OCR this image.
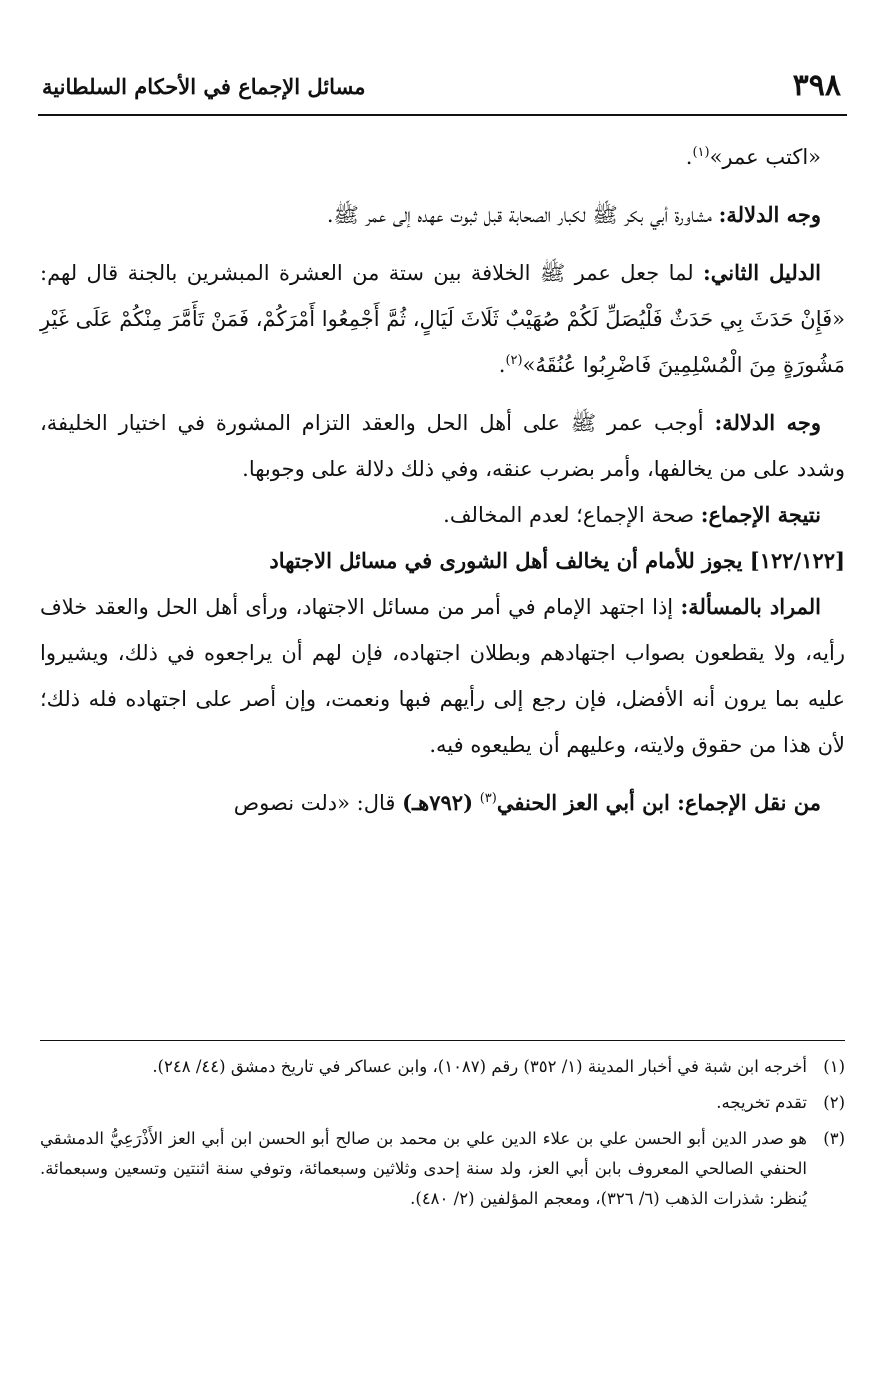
٣٩٨
مسائل الإجماع في الأحكام السلطانية

«اكتب عمر»$^{(١)}$.

وجه الدلالة: مشاورة أبي بكر ﷺ لكبار الصحابة قبل ثبوت عهده إلى عمر ﷺ.

الدليل الثاني: لما جعل عمر ﷺ الخلافة بين ستة من العشرة المبشرين بالجنة قال لهم: «فَإِنْ حَدَثَ بِي حَدَثٌ فَلْيُصَلِّ لَكُمْ صُهَيْبٌ ثَلَاثَ لَيَالٍ، ثُمَّ أَجْمِعُوا أَمْرَكُمْ، فَمَنْ تَأَمَّرَ مِنْكُمْ عَلَى غَيْرِ مَشُورَةٍ مِنَ الْمُسْلِمِينَ فَاضْرِبُوا عُنُقَهُ»$^{(٢)}$.

وجه الدلالة: أوجب عمر ﷺ على أهل الحل والعقد التزام المشورة في اختيار الخليفة، وشدد على من يخالفها، وأمر بضرب عنقه، وفي ذلك دلالة على وجوبها.

نتيجة الإجماع: صحة الإجماع؛ لعدم المخالف.

[١٢٢/١٢٢] يجوز للأمام أن يخالف أهل الشورى في مسائل الاجتهاد

المراد بالمسألة: إذا اجتهد الإمام في أمر من مسائل الاجتهاد، ورأى أهل الحل والعقد خلاف رأيه، ولا يقطعون بصواب اجتهادهم وبطلان اجتهاده، فإن لهم أن يراجعوه في ذلك، ويشيروا عليه بما يرون أنه الأفضل، فإن رجع إلى رأيهم فبها ونعمت، وإن أصر على اجتهاده فله ذلك؛ لأن هذا من حقوق ولايته، وعليهم أن يطيعوه فيه.

من نقل الإجماع: ابن أبي العز الحنفي$^{(٣)}$ (٧٩٢هـ) قال: «دلت نصوص

(١)
أخرجه ابن شبة في أخبار المدينة (١/ ٣٥٢) رقم (١٠٨٧)، وابن عساكر في تاريخ دمشق (٤٤/ ٢٤٨).
(٢)
تقدم تخريجه.
(٣)
هو صدر الدين أبو الحسن علي بن علاء الدين علي بن محمد بن صالح أبو الحسن ابن أبي العز الأَذْرَعِيُّ الدمشقي الحنفي الصالحي المعروف بابن أبي العز، ولد سنة إحدى وثلاثين وسبعمائة، وتوفي سنة اثنتين وتسعين وسبعمائة. يُنظر: شذرات الذهب (٦/ ٣٢٦)، ومعجم المؤلفين (٢/ ٤٨٠).
